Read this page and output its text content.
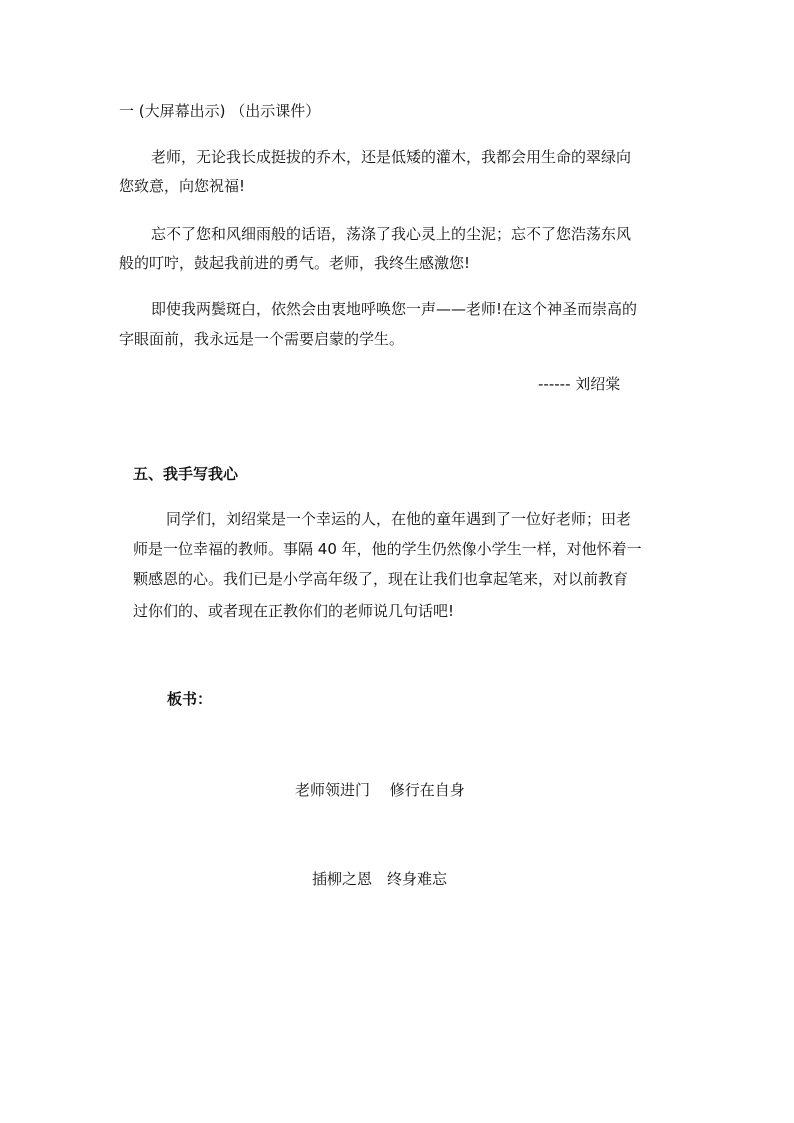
一 (大屏幕出示) （出示课件）
老师，无论我长成挺拔的乔木，还是低矮的灌木，我都会用生命的翠绿向
您致意，向您祝福!
忘不了您和风细雨般的话语，荡涤了我心灵上的尘泥；忘不了您浩荡东风
般的叮咛，鼓起我前进的勇气。老师，我终生感激您!
即使我两鬓斑白，依然会由衷地呼唤您一声——老师!在这个神圣而崇高的
字眼面前，我永远是一个需要启蒙的学生。
------ 刘绍棠
五、我手写我心
同学们，刘绍棠是一个幸运的人，在他的童年遇到了一位好老师；田老
师是一位幸福的教师。事隔 40 年，他的学生仍然像小学生一样，对他怀着一
颗感恩的心。我们已是小学高年级了，现在让我们也拿起笔来，对以前教育
过你们的、或者现在正教你们的老师说几句话吧!
板书：
老师领进门　 修行在自身
插柳之恩　终身难忘
